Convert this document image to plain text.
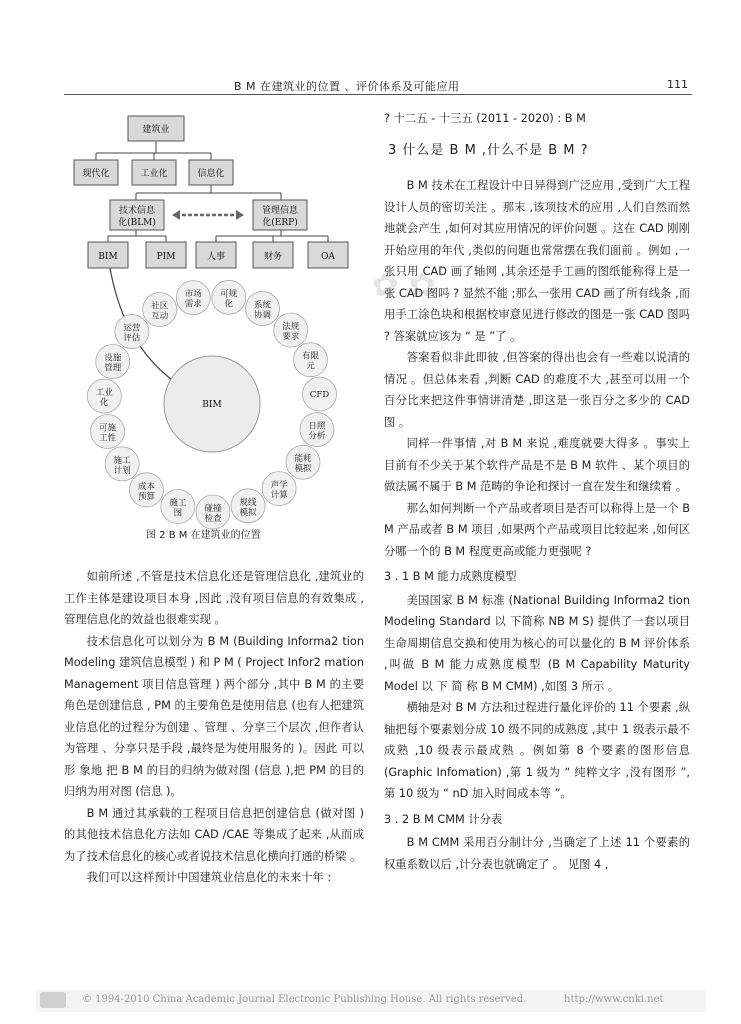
B M 在建筑业的位置 、评价体系及可能应用	111
✿ ✿
建筑业
现代化	工业化	信息化
技术信息
化(BLM)
管理信息
化(ERP)
BIM	PIM	人事	财务	OA
BIM
市场
需求
可规
化 系统
协调
法规
要求
有限
元
CFD
日照
分析
能耗
模拟
声学
计算
规线
模拟
碰撞
检查
施工
图
成本
预算
施工
计划
可施
工性
工业
化
设施
管理
运营
评估
社区
互动
图 2 B M 在建筑业的位置

如前所述 ,不管是技术信息化还是管理信息化 ,建筑业的工作主体是建设项目本身 ,因此 ,没有项目信息的有效集成 ,管理信息化的效益也很难实现 。

技术信息化可以划分为 B M (Building Informa2 tion Modeling 建筑信息模型 ) 和 P M ( Project Infor2 mation Management 项目信息管理 ) 两个部分 ,其中 B M 的主要角色是创建信息 , PM 的主要角色是使用信息 (也有人把建筑业信息化的过程分为创建 、管理 、分享三个层次 ,但作者认为管理 、分享只是手段 ,最终是为使用服务的 )。因此 可以形 象地 把 B M 的目的归纳为做对图 (信息 ),把 PM 的目的归纳为用对图 (信息 )。

B M 通过其承载的工程项目信息把创建信息 (做对图 ) 的其他技术信息化方法如 CAD /CAE 等集成了起来 ,从而成为了技术信息化的核心或者说技术信息化横向打通的桥梁 。

我们可以这样预计中国建筑业信息化的未来十年 :

? 十二五 - 十三五 (2011 - 2020) : B M

3 什么是 B M ,什么不是 B M ?

B M 技术在工程设计中日异得到广泛应用 ,受到广大工程设计人员的密切关注 。那末 ,该项技术的应用 ,人们自然而然地就会产生 ,如何对其应用情况的评价问题 。这在 CAD 刚刚开始应用的年代 ,类似的问题也常常摆在我们面前 。例如 ,一张只用 CAD 画了轴网 ,其余还是手工画的图纸能称得上是一张 CAD 图吗 ? 显然不能 ;那么一张用 CAD 画了所有线条 ,而用手工涂色块和根据校审意见进行修改的图是一张 CAD 图吗 ? 答案就应该为 “ 是 ”了 。

答案看似非此即彼 ,但答案的得出也会有一些难以说清的情况 。但总体来看 ,判断 CAD 的难度不大 ,甚至可以用一个百分比来把这件事情讲清楚 ,即这是一张百分之多少的 CAD 图 。

同样一件事情 ,对 B M 来说 ,难度就要大得多 。事实上目前有不少关于某个软件产品是不是 B M 软件 、某个项目的做法属不属于 B M 范畴的争论和探讨一直在发生和继续着 。

那么如何判断一个产品或者项目是否可以称得上是一个 B M 产品或者 B M 项目 ,如果两个产品或项目比较起来 ,如何区分哪一个的 B M 程度更高或能力更强呢 ?

3 . 1 B M 能力成熟度模型

美国国家 B M 标准 (National Building Informa2 tion Modeling Standard 以 下简称 NB M S) 提供了一套以项目生命周期信息交换和使用为核心的可以量化的 B M 评价体系 ,叫做 B M 能力成熟度模型 (B M Capability Maturity Model 以 下 简 称 B M CMM) ,如图 3 所示 。

横轴是对 B M 方法和过程进行量化评价的 11 个要素 ,纵轴把每个要素划分成 10 级不同的成熟度 ,其中 1 级表示最不成熟 ,10 级表示最成熟 。例如第 8 个要素的图形信息 (Graphic Infomation) ,第 1 级为 “ 纯粹文字 ,没有图形 ”,第 10 级为 “ nD 加入时间成本等 ”。

3 . 2 B M CMM 计分表

B M CMM 采用百分制计分 ,当确定了上述 11 个要素的权重系数以后 ,计分表也就确定了 。 见图 4 ,

© 1994-2010 China Academic Journal Electronic Publishing House. All rights reserved.	http://www.cnki.net
